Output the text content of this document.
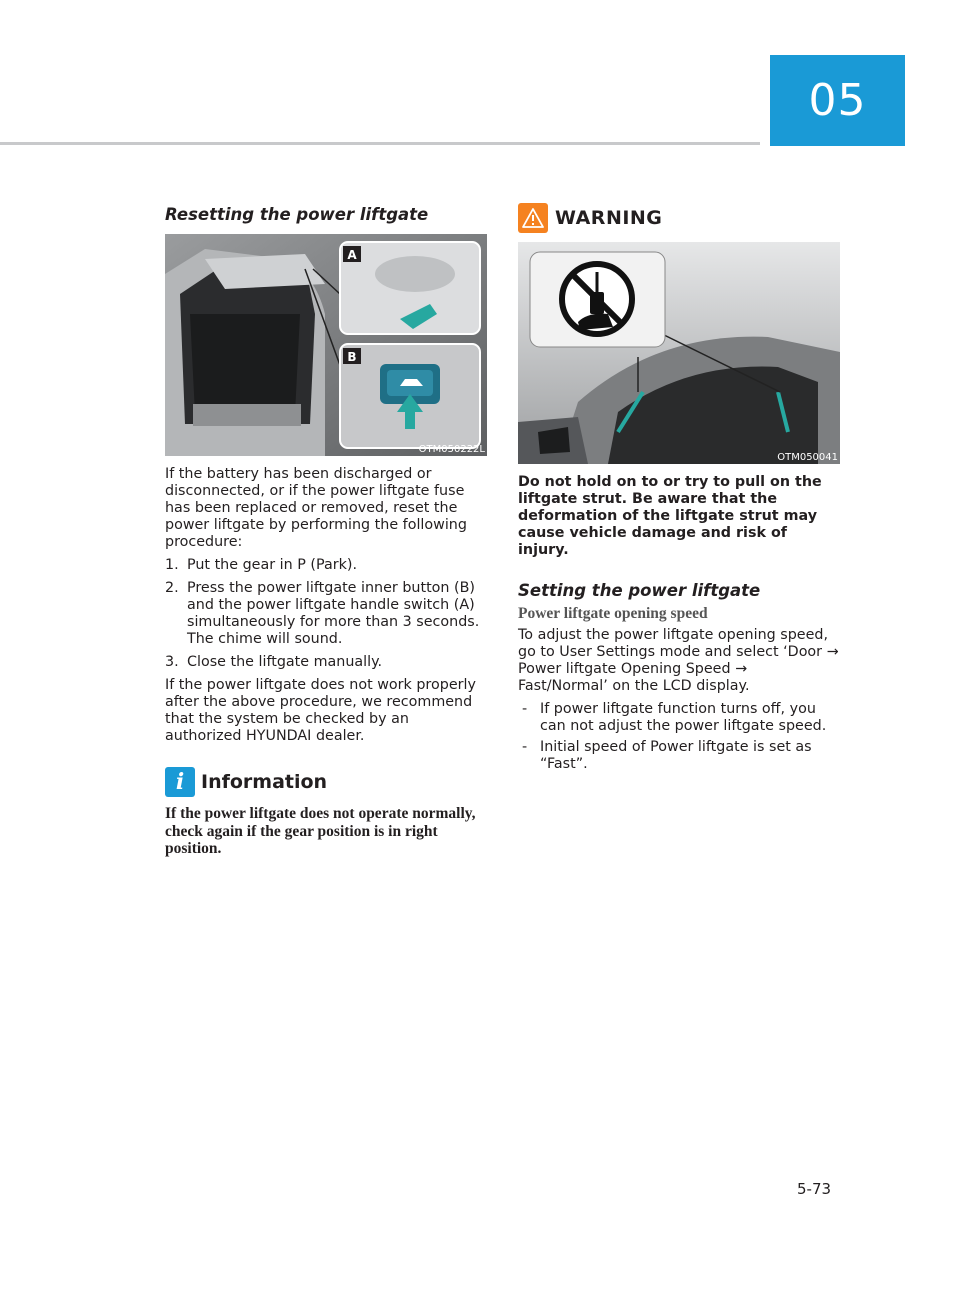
05
Resetting the power liftgate
A
B
OTM050222L

If the battery has been discharged or disconnected, or if the power liftgate fuse has been replaced or removed, reset the power liftgate by performing the following procedure:

1. Put the gear in P (Park).
2. Press the power liftgate inner button (B) and the power liftgate handle switch (A) simultaneously for more than 3 seconds. The chime will sound.
3. Close the liftgate manually.

If the power liftgate does not work properly after the above procedure, we recommend that the system be checked by an authorized HYUNDAI dealer.

i Information

If the power liftgate does not operate normally, check again if the gear position is in right position.

WARNING
OTM050041

Do not hold on to or try to pull on the liftgate strut. Be aware that the deformation of the liftgate strut may cause vehicle damage and risk of injury.

Setting the power liftgate
Power liftgate opening speed

To adjust the power liftgate opening speed, go to User Settings mode and select ‘Door → Power liftgate Opening Speed → Fast/Normal’ on the LCD display.

- If power liftgate function turns off, you can not adjust the power liftgate speed.
- Initial speed of Power liftgate is set as “Fast”.
5-73
